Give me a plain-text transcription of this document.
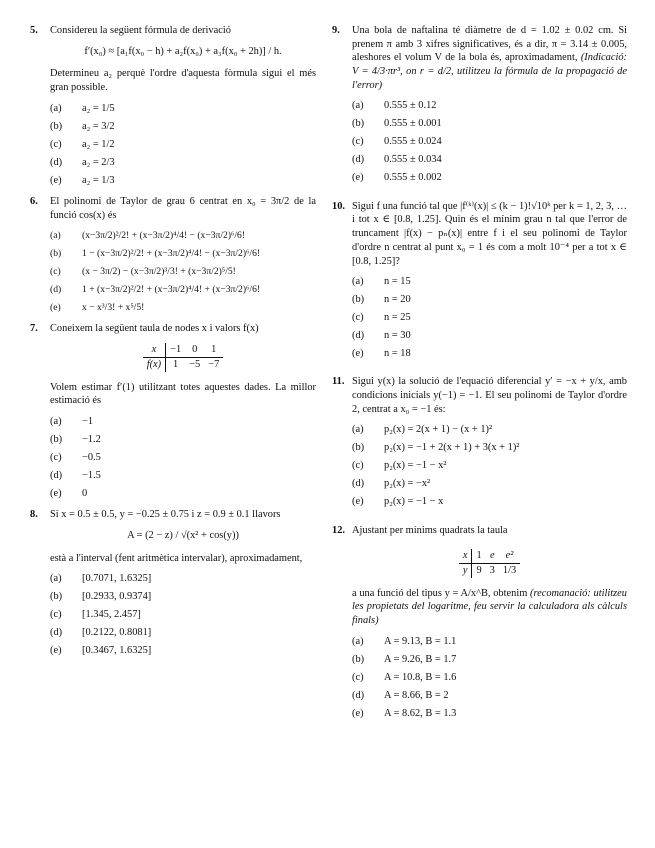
5. Considereu la següent fórmula de derivació
f′(x₀) ≈ [a₁f(x₀ − h) + a₂f(x₀) + a₃f(x₀ + 2h)] / h.
Determineu a₂ perquè l'ordre d'aquesta fòrmula sigui el més gran possible.
(a)	a₂ = 1/5
(b)	a₂ = 3/2
(c)	a₂ = 1/2
(d)	a₂ = 2/3
(e)	a₂ = 1/3
6. El polinomi de Taylor de grau 6 centrat en x₀ = 3π/2 de la funció cos(x) és
(a)	(x−3π/2)²/2! + (x−3π/2)⁴/4! − (x−3π/2)⁶/6!
(b)	1 − (x−3π/2)²/2! + (x−3π/2)⁴/4! − (x−3π/2)⁶/6!
(c)	(x − 3π/2) − (x−3π/2)³/3! + (x−3π/2)⁵/5!
(d)	1 + (x−3π/2)²/2! + (x−3π/2)⁴/4! + (x−3π/2)⁶/6!
(e)	x − x³/3! + x⁵/5!
7. Coneixem la següent taula de nodes x i valors f(x)
x	−1	0	1
f(x)	1	−5	−7
Volem estimar f′(1) utilitzant totes aquestes dades. La millor estimació és
(a)	−1
(b)	−1.2
(c)	−0.5
(d)	−1.5
(e)	0
8. Si x = 0.5 ± 0.5, y = −0.25 ± 0.75 i z = 0.9 ± 0.1 llavors
A = (2 − z) / √(x² + cos(y))
està a l'interval (fent aritmètica intervalar), aproximadament,
(a)	[0.7071, 1.6325]
(b)	[0.2933, 0.9374]
(c)	[1.345, 2.457]
(d)	[0.2122, 0.8081]
(e)	[0.3467, 1.6325]
9. Una bola de naftalina té diàmetre de d = 1.02 ± 0.02 cm. Si prenem π amb 3 xifres significatives, és a dir, π = 3.14 ± 0.005, aleshores el volum V de la bola és, aproximadament, (Indicació: V = 4/3·πr³, on r = d/2, utilitzeu la fórmula de la propagació de l'error)
(a)	0.555 ± 0.12
(b)	0.555 ± 0.001
(c)	0.555 ± 0.024
(d)	0.555 ± 0.034
(e)	0.555 ± 0.002
10. Sigui f una funció tal que |f⁽ᵏ⁾(x)| ≤ (k − 1)!√10ᵏ per k = 1, 2, 3, … i tot x ∈ [0.8, 1.25]. Quin és el mínim grau n tal que l'error de truncament |f(x) − pₙ(x)| entre f i el seu polinomi de Taylor d'ordre n centrat al punt x₀ = 1 és com a molt 10⁻⁴ per a tot x ∈ [0.8, 1.25]?
(a)	n = 15
(b)	n = 20
(c)	n = 25
(d)	n = 30
(e)	n = 18
11. Sigui y(x) la solució de l'equació diferencial y′ = −x + y/x, amb condicions inicials y(−1) = −1. El seu polinomi de Taylor d'ordre 2, centrat a x₀ = −1 és:
(a)	p₂(x) = 2(x + 1) − (x + 1)²
(b)	p₂(x) = −1 + 2(x + 1) + 3(x + 1)²
(c)	p₂(x) = −1 − x²
(d)	p₂(x) = −x²
(e)	p₂(x) = −1 − x
12. Ajustant per mínims quadrats la taula
x	1	e	e²
y	9	3	1/3
a una funció del tipus y = A/x^B, obtenim (recomanació: utilitzeu les propietats del logaritme, feu servir la calculadora als càlculs finals)
(a)	A = 9.13, B = 1.1
(b)	A = 9.26, B = 1.7
(c)	A = 10.8, B = 1.6
(d)	A = 8.66, B = 2
(e)	A = 8.62, B = 1.3
